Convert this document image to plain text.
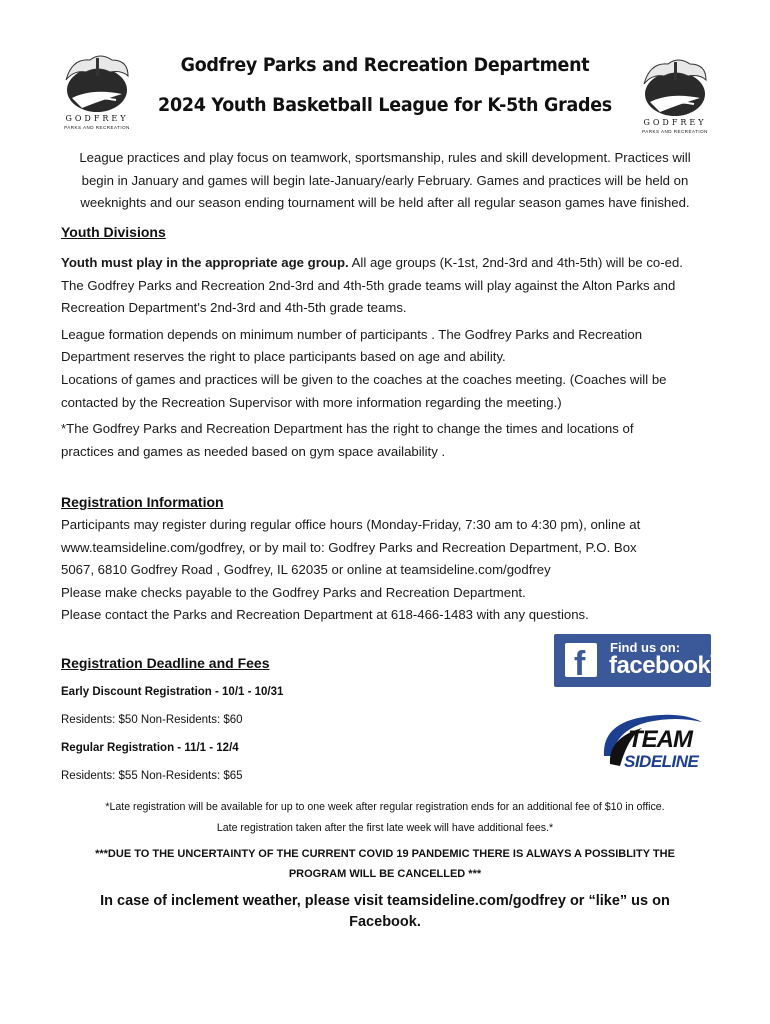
GODFREY
PARKS AND RECREATION
GODFREY
PARKS AND RECREATION
Godfrey Parks and Recreation Department
2024 Youth Basketball League for K-5th Grades
League practices and play focus on teamwork, sportsmanship, rules and skill development. Practices will
begin in January and games will begin late-January/early February. Games and practices will be held on
weeknights and our season ending tournament will be held after all regular season games have finished.
Youth Divisions
Youth must play in the appropriate age group. All age groups (K-1st, 2nd-3rd and 4th-5th) will be co-ed.
The Godfrey Parks and Recreation 2nd-3rd and 4th-5th grade teams will play against the Alton Parks and
Recreation Department's 2nd-3rd and 4th-5th grade teams.
League formation depends on minimum number of participants . The Godfrey Parks and Recreation
Department reserves the right to place participants based on age and ability.
Locations of games and practices will be given to the coaches at the coaches meeting. (Coaches will be
contacted by the Recreation Supervisor with more information regarding the meeting.)
*The Godfrey Parks and Recreation Department has the right to change the times and locations of
practices and games as needed based on gym space availability .
Registration Information
Participants may register during regular office hours (Monday-Friday, 7:30 am to 4:30 pm), online at
www.teamsideline.com/godfrey, or by mail to: Godfrey Parks and Recreation Department, P.O. Box
5067, 6810 Godfrey Road , Godfrey, IL 62035 or online at teamsideline.com/godfrey
Please make checks payable to the Godfrey Parks and Recreation Department.
Please contact the Parks and Recreation Department at 618-466-1483 with any questions.
f Find us on:
facebook®
Registration Deadline and Fees
Early Discount Registration - 10/1 - 10/31
Residents: $50 Non-Residents: $60
Regular Registration - 11/1 - 12/4
Residents: $55 Non-Residents: $65
TEAM
SIDELINE
*Late registration will be available for up to one week after regular registration ends for an additional fee of $10 in office.
Late registration taken after the first late week will have additional fees.*
***DUE TO THE UNCERTAINTY OF THE CURRENT COVID 19 PANDEMIC THERE IS ALWAYS A POSSIBLITY THE
PROGRAM WILL BE CANCELLED ***
In case of inclement weather, please visit teamsideline.com/godfrey or “like” us on
Facebook.
